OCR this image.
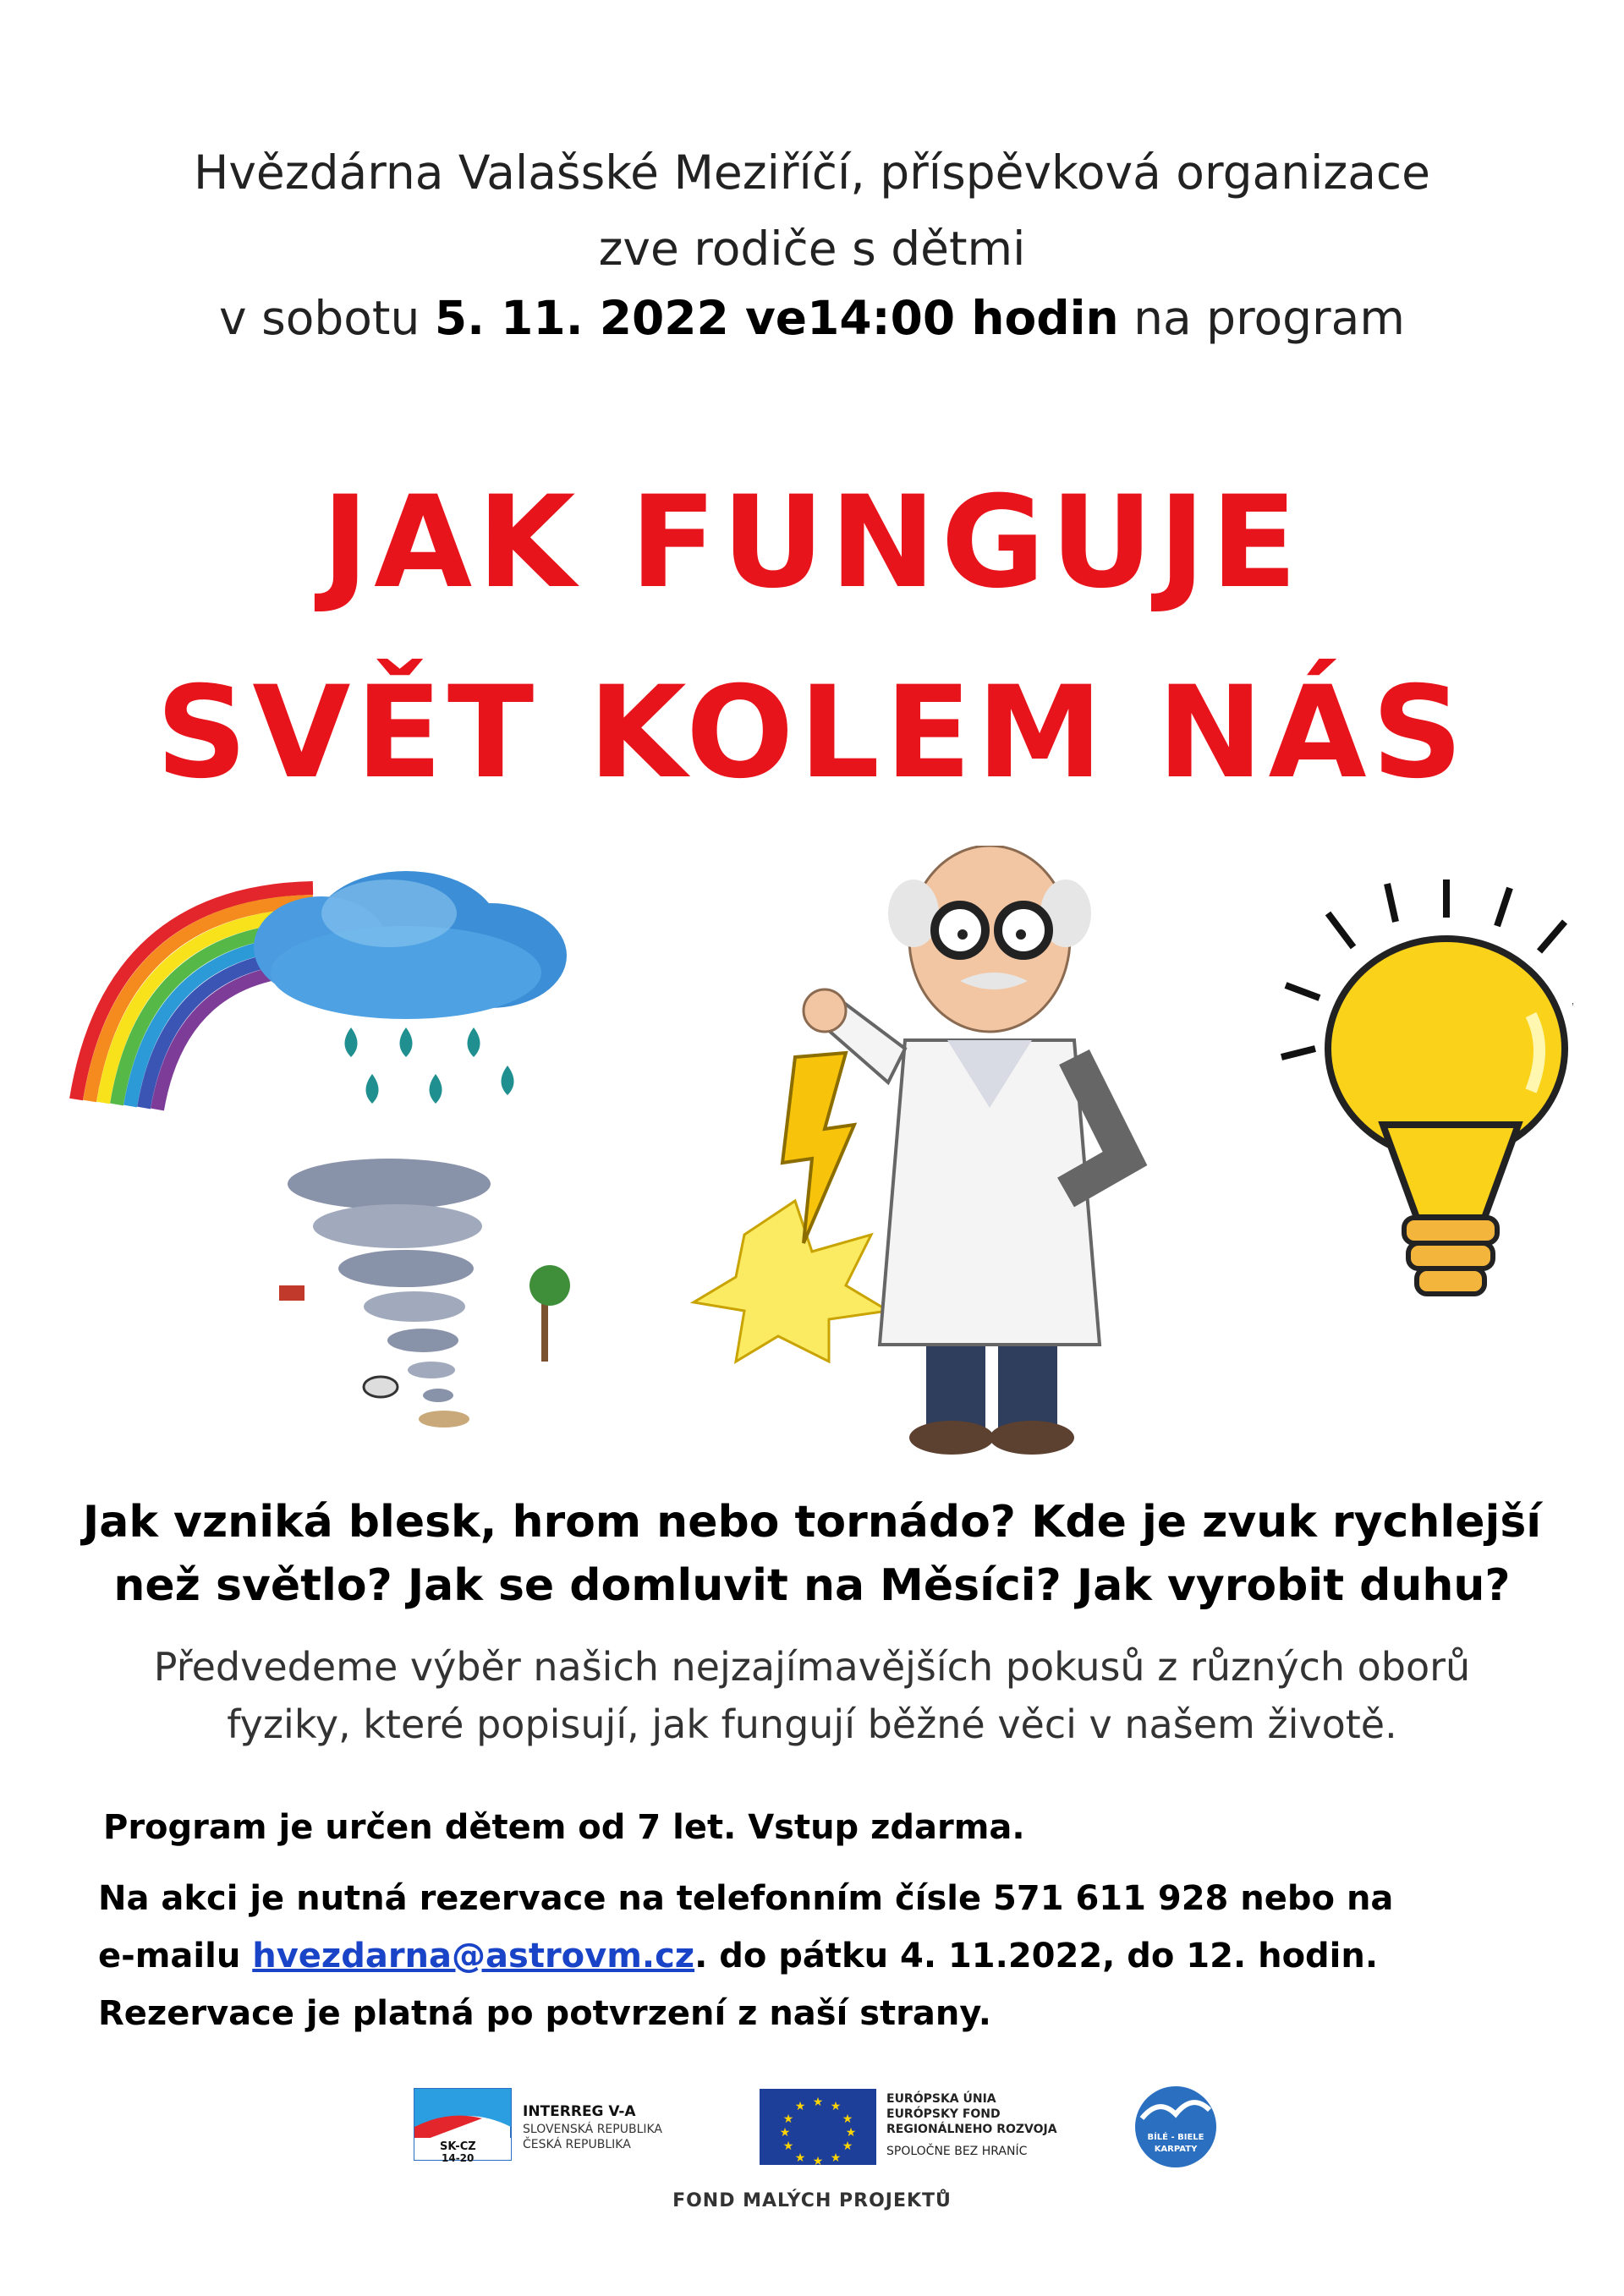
Hvězdárna Valašské Meziříčí, příspěvková organizace
zve rodiče s dětmi
v sobotu 5. 11. 2022 ve14:00 hodin na program
JAK FUNGUJE
SVĚT KOLEM NÁS
Jak vzniká blesk, hrom nebo tornádo? Kde je zvuk rychlejší
než světlo? Jak se domluvit na Měsíci? Jak vyrobit duhu?
Předvedeme výběr našich nejzajímavějších pokusů z různých oborů
fyziky, které popisují, jak fungují běžné věci v našem životě.
Program je určen dětem od 7 let. Vstup zdarma.
Na akci je nutná rezervace na telefonním čísle 571 611 928 nebo na
e-mailu hvezdarna@astrovm.cz. do pátku 4. 11.2022, do 12. hodin.
Rezervace je platná po potvrzení z naší strany.
SK-CZ
14-20
INTERREG V-A
SLOVENSKÁ REPUBLIKA
ČESKÁ REPUBLIKA
★ ★
★
★
★
★
★
★
★
★
★
★
EURÓPSKA ÚNIA
EURÓPSKY FOND
REGIONÁLNEHO ROZVOJA
SPOLOČNE BEZ HRANÍC
BÍLÉ - BIELE
KARPATY
FOND MALÝCH PROJEKTŮ
